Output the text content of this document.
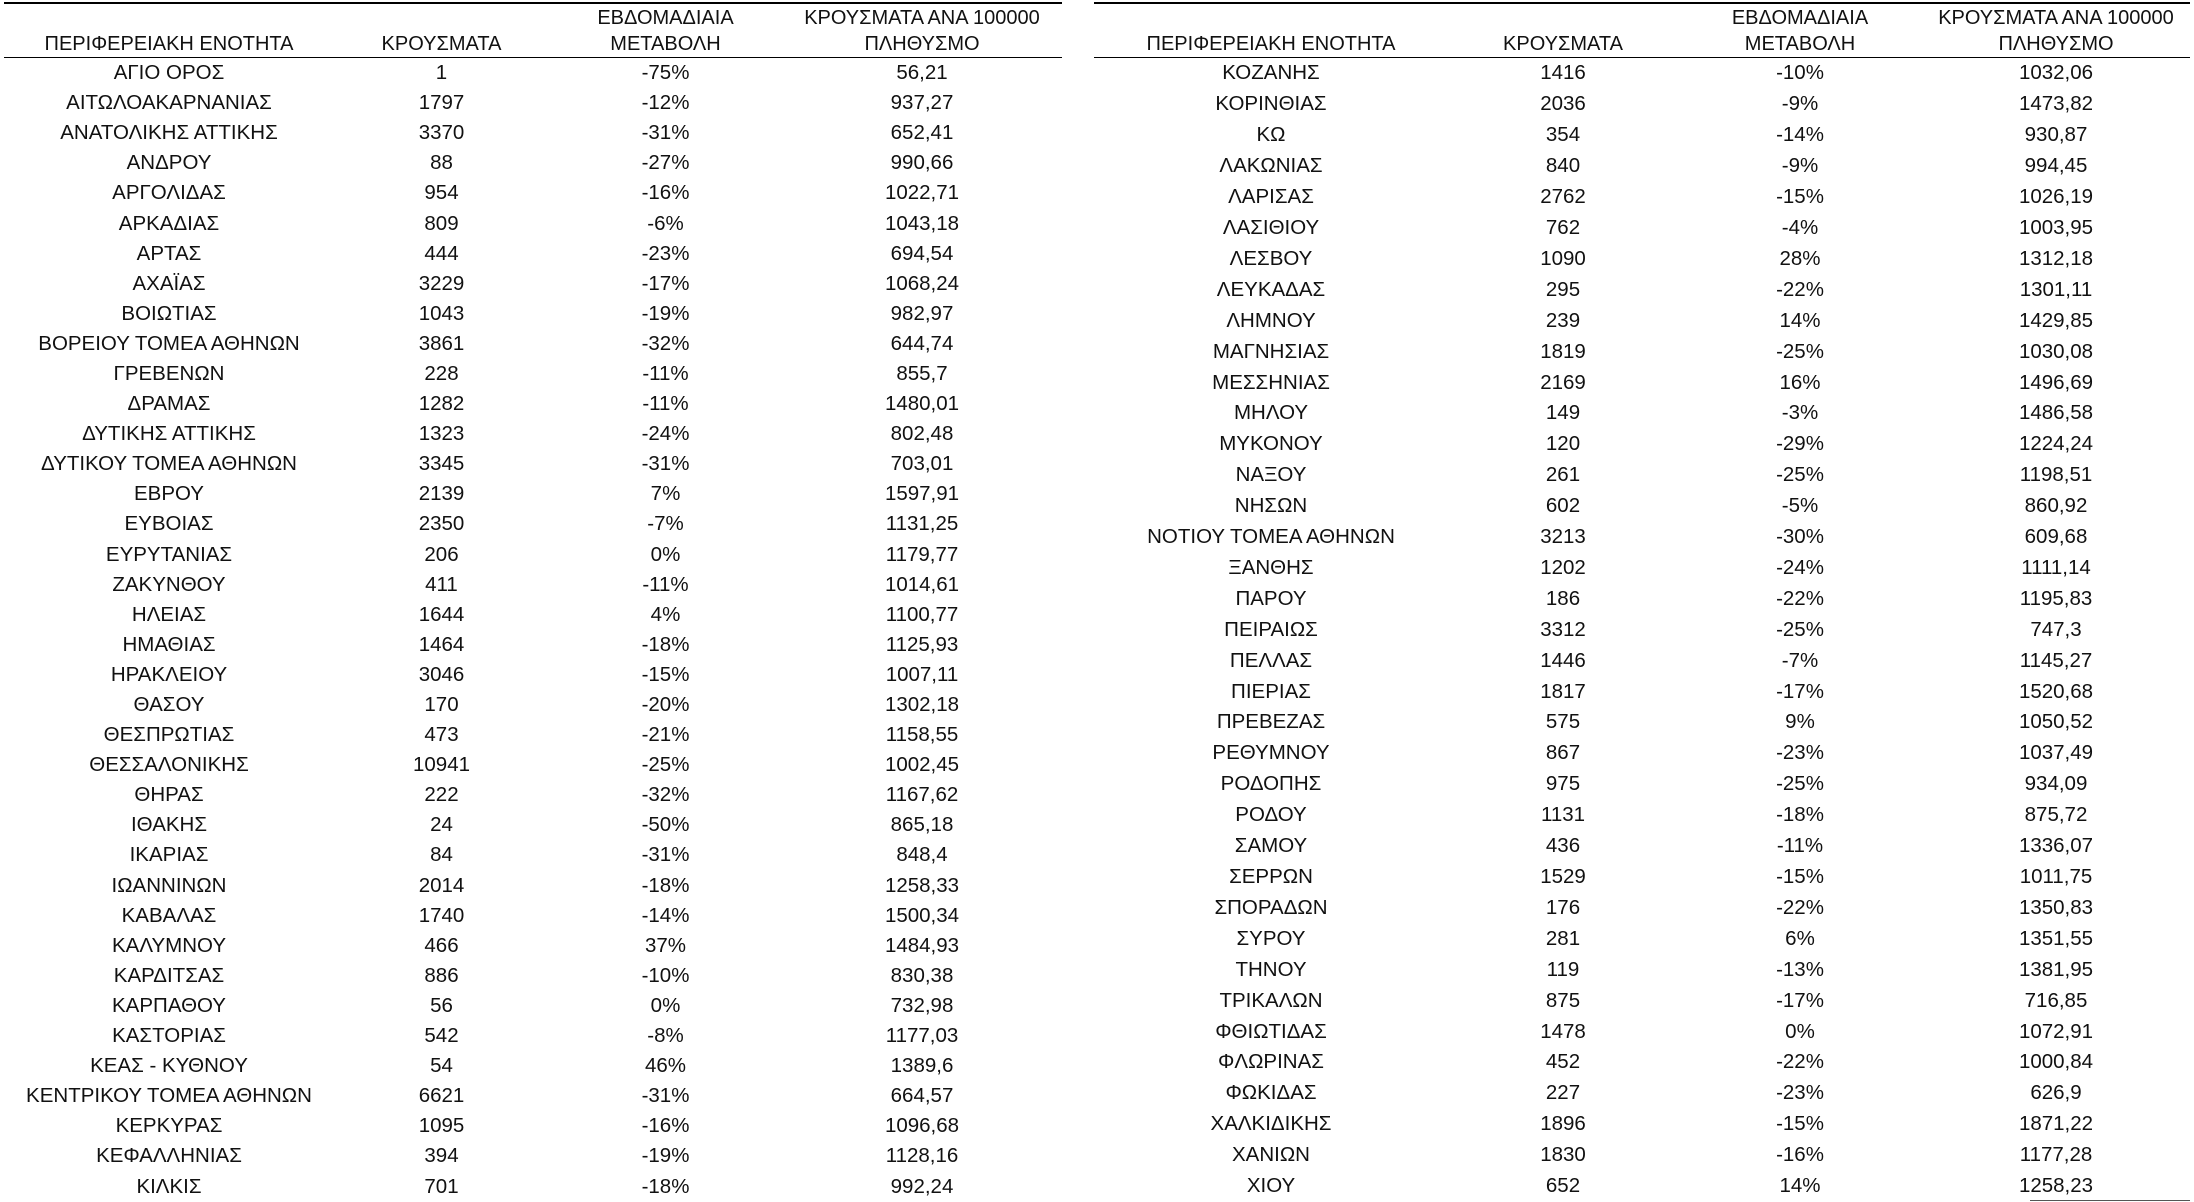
ΠΕΡΙΦΕΡΕΙΑΚΗ ΕΝΟΤΗΤΑ	ΚΡΟΥΣΜΑΤΑ	ΕΒΔΟΜΑΔΙΑΙΑ ΜΕΤΑΒΟΛΗ	ΚΡΟΥΣΜΑΤΑ ΑΝΑ 100000 ΠΛΗΘΥΣΜΟ
ΑΓΙΟ ΟΡΟΣ	1	-75%	56,21
ΑΙΤΩΛΟΑΚΑΡΝΑΝΙΑΣ	1797	-12%	937,27
ΑΝΑΤΟΛΙΚΗΣ ΑΤΤΙΚΗΣ	3370	-31%	652,41
ΑΝΔΡΟΥ	88	-27%	990,66
ΑΡΓΟΛΙΔΑΣ	954	-16%	1022,71
ΑΡΚΑΔΙΑΣ	809	-6%	1043,18
ΑΡΤΑΣ	444	-23%	694,54
ΑΧΑΪΑΣ	3229	-17%	1068,24
ΒΟΙΩΤΙΑΣ	1043	-19%	982,97
ΒΟΡΕΙΟΥ ΤΟΜΕΑ ΑΘΗΝΩΝ	3861	-32%	644,74
ΓΡΕΒΕΝΩΝ	228	-11%	855,7
ΔΡΑΜΑΣ	1282	-11%	1480,01
ΔΥΤΙΚΗΣ ΑΤΤΙΚΗΣ	1323	-24%	802,48
ΔΥΤΙΚΟΥ ΤΟΜΕΑ ΑΘΗΝΩΝ	3345	-31%	703,01
ΕΒΡΟΥ	2139	7%	1597,91
ΕΥΒΟΙΑΣ	2350	-7%	1131,25
ΕΥΡΥΤΑΝΙΑΣ	206	0%	1179,77
ΖΑΚΥΝΘΟΥ	411	-11%	1014,61
ΗΛΕΙΑΣ	1644	4%	1100,77
ΗΜΑΘΙΑΣ	1464	-18%	1125,93
ΗΡΑΚΛΕΙΟΥ	3046	-15%	1007,11
ΘΑΣΟΥ	170	-20%	1302,18
ΘΕΣΠΡΩΤΙΑΣ	473	-21%	1158,55
ΘΕΣΣΑΛΟΝΙΚΗΣ	10941	-25%	1002,45
ΘΗΡΑΣ	222	-32%	1167,62
ΙΘΑΚΗΣ	24	-50%	865,18
ΙΚΑΡΙΑΣ	84	-31%	848,4
ΙΩΑΝΝΙΝΩΝ	2014	-18%	1258,33
ΚΑΒΑΛΑΣ	1740	-14%	1500,34
ΚΑΛΥΜΝΟΥ	466	37%	1484,93
ΚΑΡΔΙΤΣΑΣ	886	-10%	830,38
ΚΑΡΠΑΘΟΥ	56	0%	732,98
ΚΑΣΤΟΡΙΑΣ	542	-8%	1177,03
ΚΕΑΣ - ΚΥΘΝΟΥ	54	46%	1389,6
ΚΕΝΤΡΙΚΟΥ ΤΟΜΕΑ ΑΘΗΝΩΝ	6621	-31%	664,57
ΚΕΡΚΥΡΑΣ	1095	-16%	1096,68
ΚΕΦΑΛΛΗΝΙΑΣ	394	-19%	1128,16
ΚΙΛΚΙΣ	701	-18%	992,24
ΠΕΡΙΦΕΡΕΙΑΚΗ ΕΝΟΤΗΤΑ	ΚΡΟΥΣΜΑΤΑ	ΕΒΔΟΜΑΔΙΑΙΑ ΜΕΤΑΒΟΛΗ	ΚΡΟΥΣΜΑΤΑ ΑΝΑ 100000 ΠΛΗΘΥΣΜΟ
ΚΟΖΑΝΗΣ	1416	-10%	1032,06
ΚΟΡΙΝΘΙΑΣ	2036	-9%	1473,82
ΚΩ	354	-14%	930,87
ΛΑΚΩΝΙΑΣ	840	-9%	994,45
ΛΑΡΙΣΑΣ	2762	-15%	1026,19
ΛΑΣΙΘΙΟΥ	762	-4%	1003,95
ΛΕΣΒΟΥ	1090	28%	1312,18
ΛΕΥΚΑΔΑΣ	295	-22%	1301,11
ΛΗΜΝΟΥ	239	14%	1429,85
ΜΑΓΝΗΣΙΑΣ	1819	-25%	1030,08
ΜΕΣΣΗΝΙΑΣ	2169	16%	1496,69
ΜΗΛΟΥ	149	-3%	1486,58
ΜΥΚΟΝΟΥ	120	-29%	1224,24
ΝΑΞΟΥ	261	-25%	1198,51
ΝΗΣΩΝ	602	-5%	860,92
ΝΟΤΙΟΥ ΤΟΜΕΑ ΑΘΗΝΩΝ	3213	-30%	609,68
ΞΑΝΘΗΣ	1202	-24%	1111,14
ΠΑΡΟΥ	186	-22%	1195,83
ΠΕΙΡΑΙΩΣ	3312	-25%	747,3
ΠΕΛΛΑΣ	1446	-7%	1145,27
ΠΙΕΡΙΑΣ	1817	-17%	1520,68
ΠΡΕΒΕΖΑΣ	575	9%	1050,52
ΡΕΘΥΜΝΟΥ	867	-23%	1037,49
ΡΟΔΟΠΗΣ	975	-25%	934,09
ΡΟΔΟΥ	1131	-18%	875,72
ΣΑΜΟΥ	436	-11%	1336,07
ΣΕΡΡΩΝ	1529	-15%	1011,75
ΣΠΟΡΑΔΩΝ	176	-22%	1350,83
ΣΥΡΟΥ	281	6%	1351,55
ΤΗΝΟΥ	119	-13%	1381,95
ΤΡΙΚΑΛΩΝ	875	-17%	716,85
ΦΘΙΩΤΙΔΑΣ	1478	0%	1072,91
ΦΛΩΡΙΝΑΣ	452	-22%	1000,84
ΦΩΚΙΔΑΣ	227	-23%	626,9
ΧΑΛΚΙΔΙΚΗΣ	1896	-15%	1871,22
ΧΑΝΙΩΝ	1830	-16%	1177,28
ΧΙΟΥ	652	14%	1258,23
